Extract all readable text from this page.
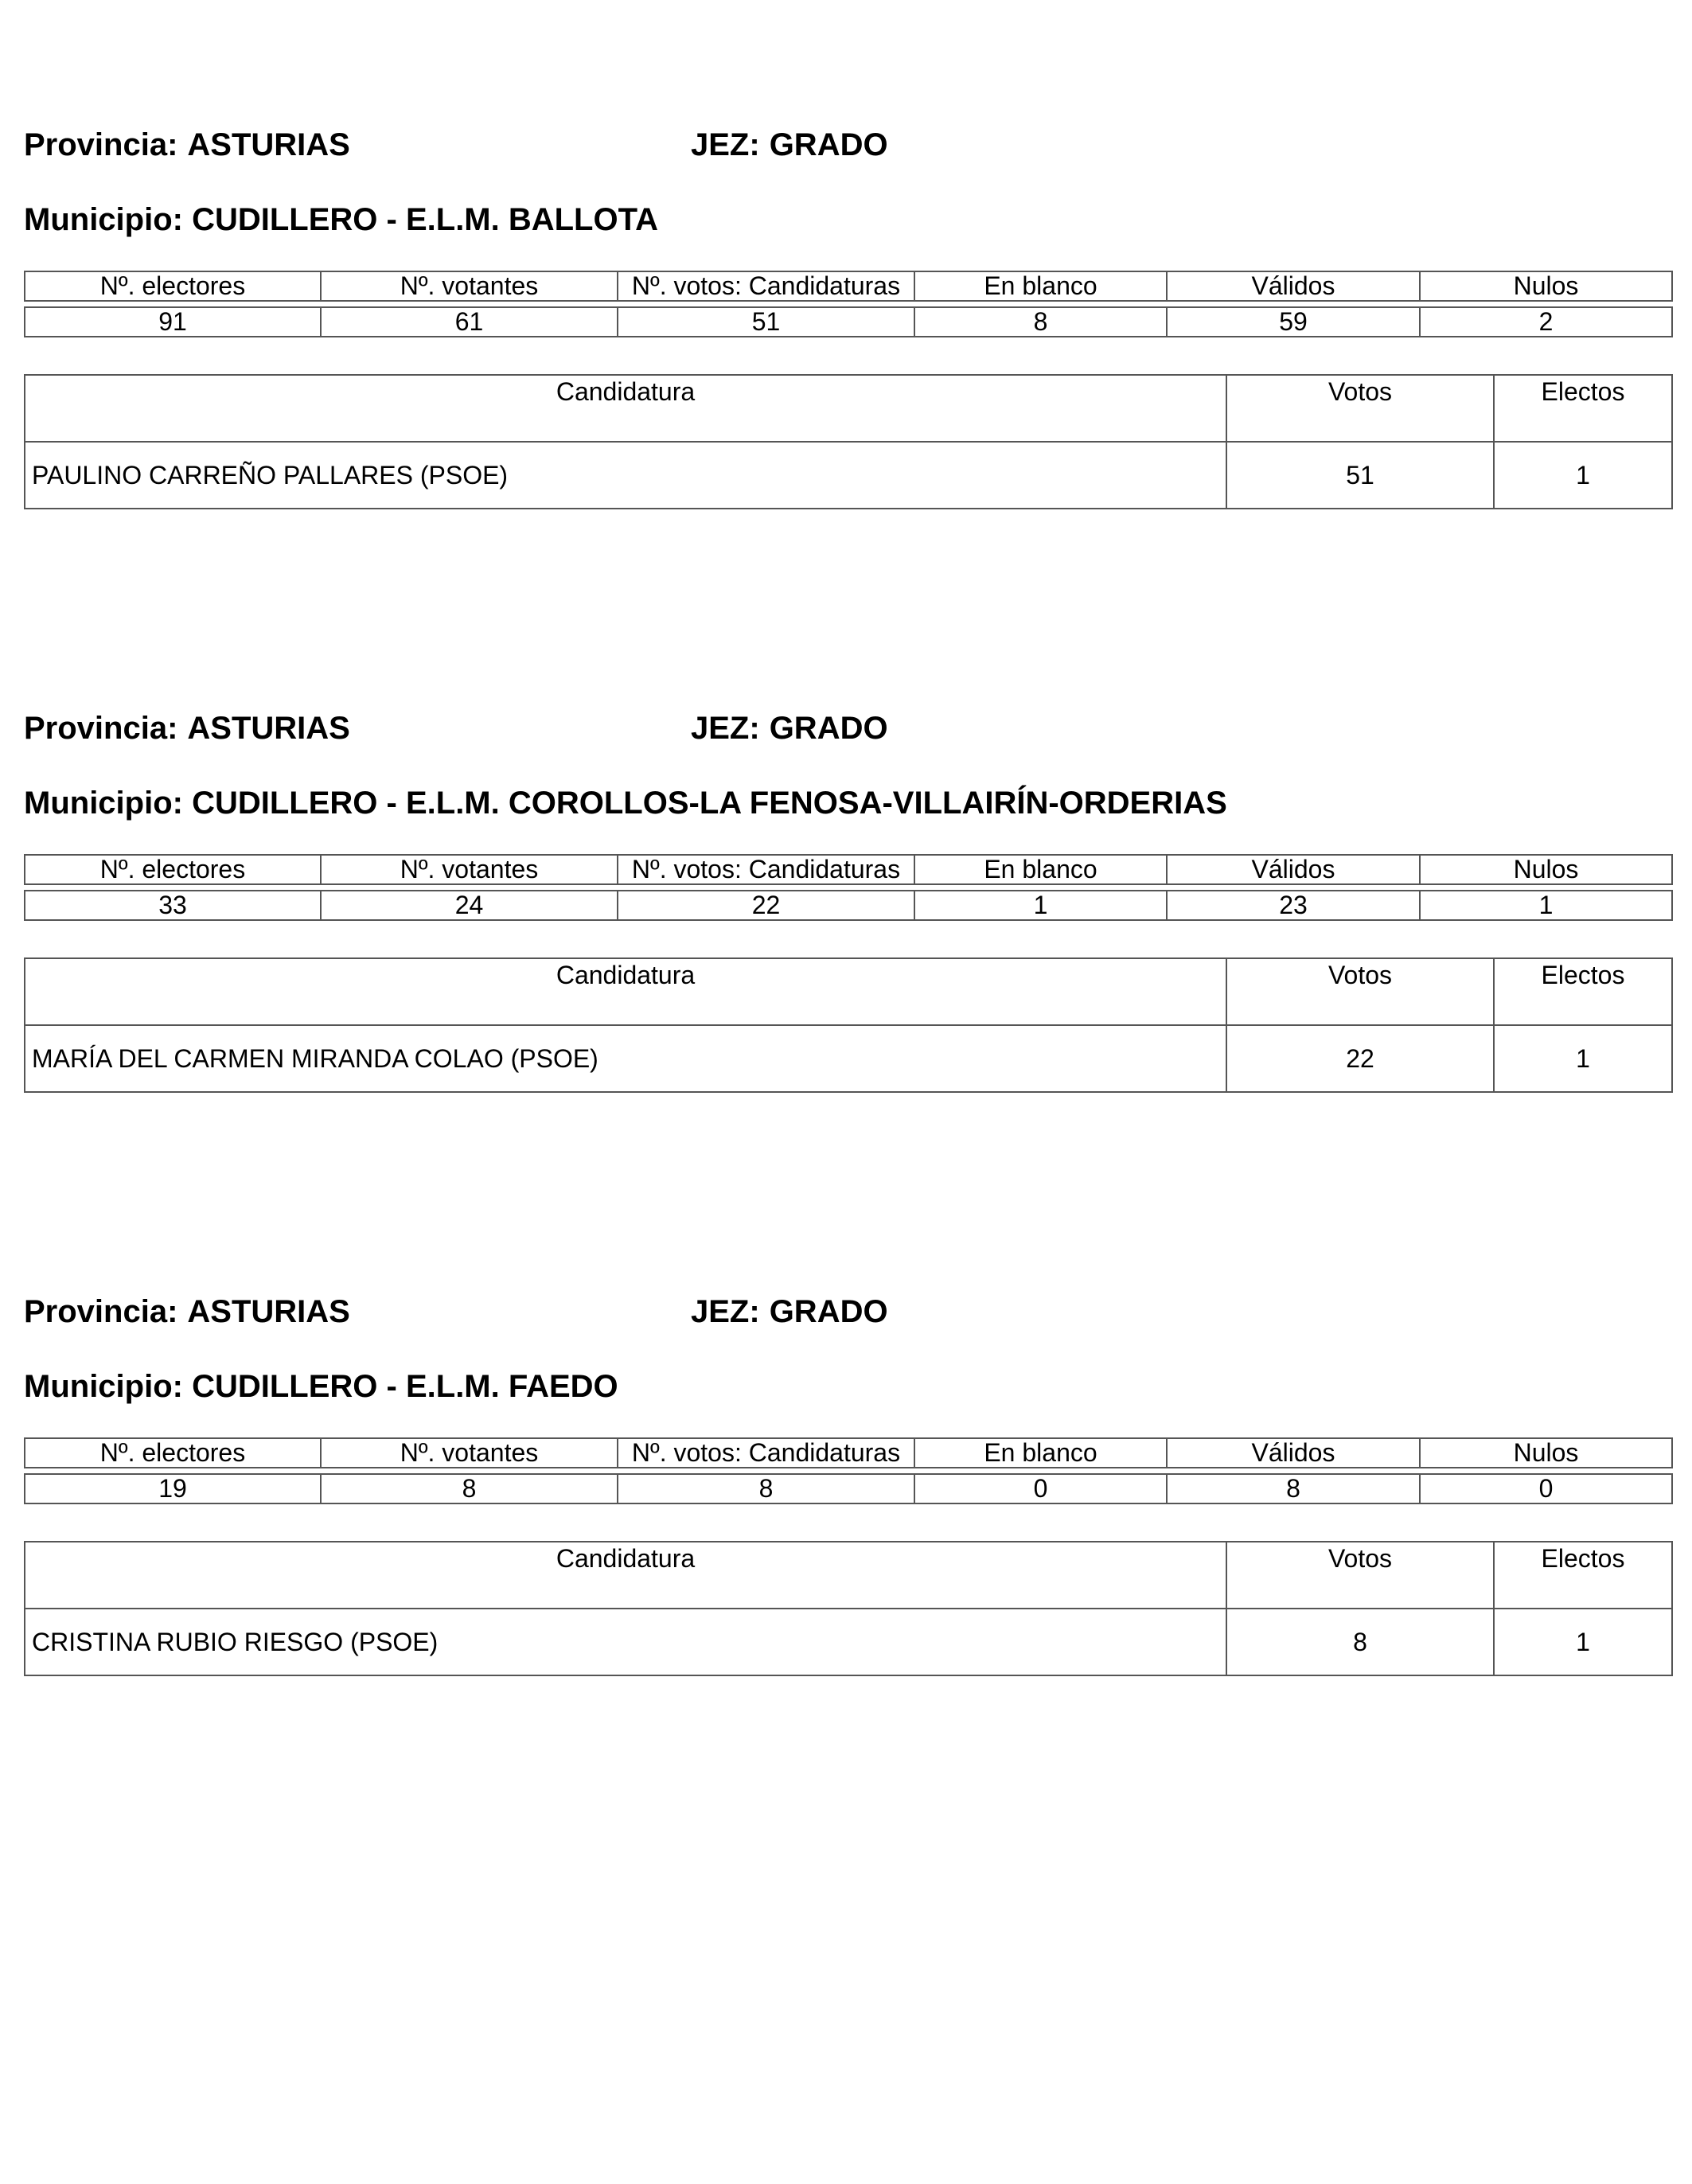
Provincia: ASTURIAS	JEZ: GRADO
Municipio: CUDILLERO - E.L.M. BALLOTA
Nº. electores	Nº. votantes	Nº. votos: Candidaturas	En blanco	Válidos	Nulos

91	61	51	8	59	2
Candidatura	Votos	Electos
PAULINO CARREÑO PALLARES (PSOE)	51	1
Provincia: ASTURIAS	JEZ: GRADO
Municipio: CUDILLERO - E.L.M. COROLLOS-LA FENOSA-VILLAIRÍN-ORDERIAS
Nº. electores	Nº. votantes	Nº. votos: Candidaturas	En blanco	Válidos	Nulos

33	24	22	1	23	1
Candidatura	Votos	Electos
MARÍA DEL CARMEN MIRANDA COLAO (PSOE)	22	1
Provincia: ASTURIAS	JEZ: GRADO
Municipio: CUDILLERO - E.L.M. FAEDO
Nº. electores	Nº. votantes	Nº. votos: Candidaturas	En blanco	Válidos	Nulos

19	8	8	0	8	0
Candidatura	Votos	Electos
CRISTINA RUBIO RIESGO (PSOE)	8	1
